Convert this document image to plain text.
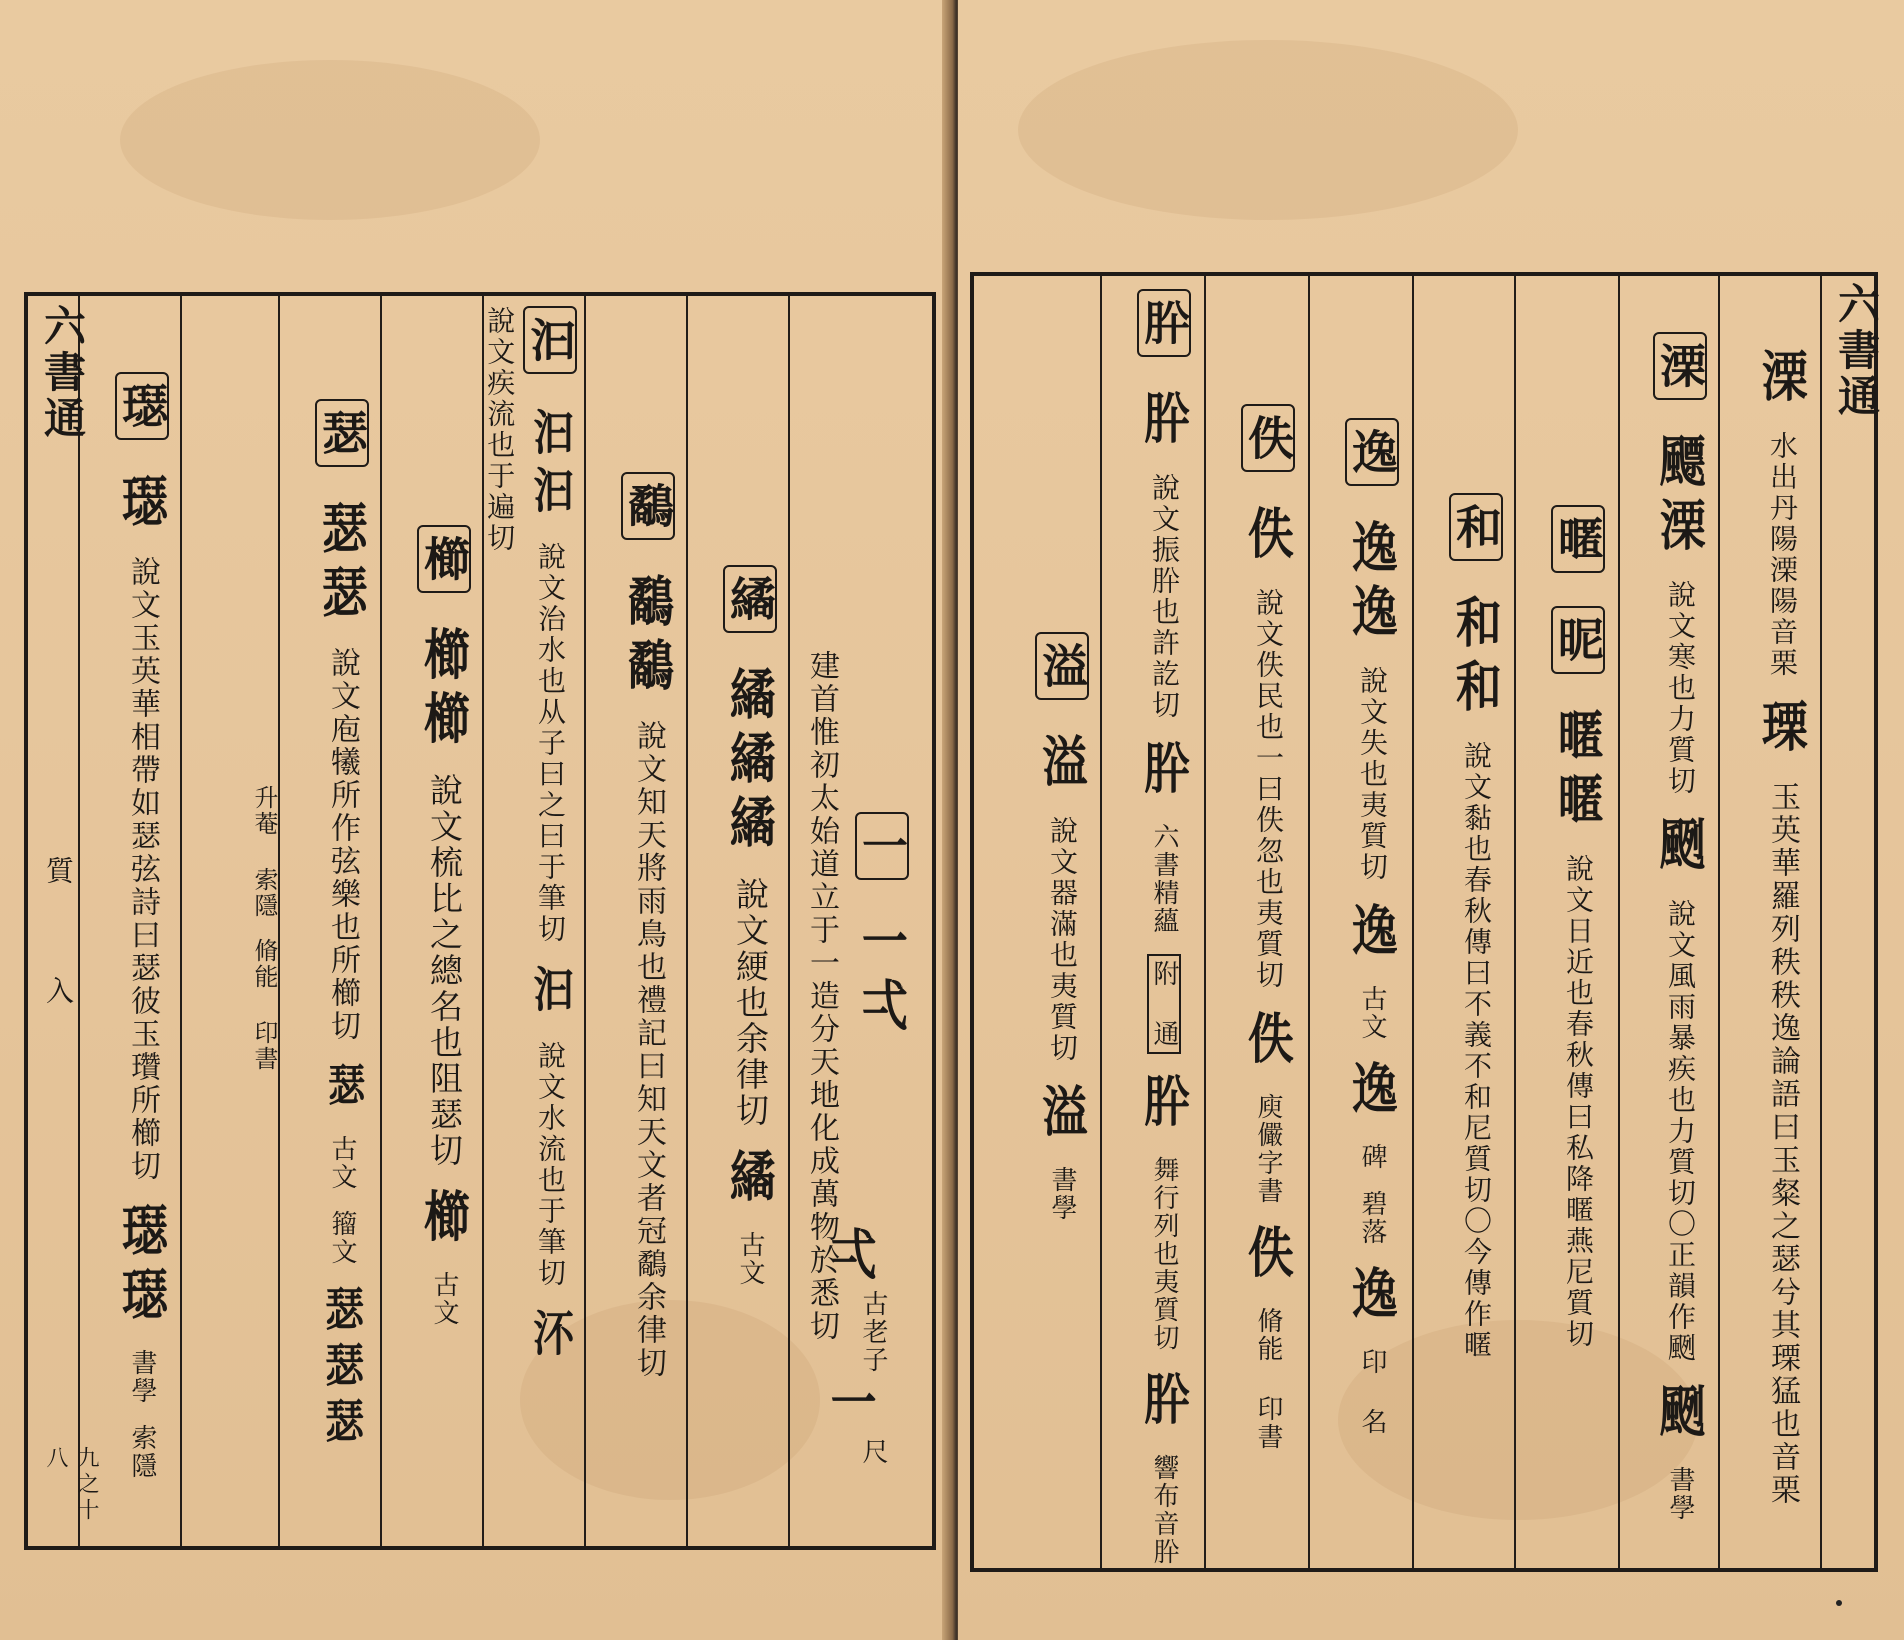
六書通
質
入
九之十八
一 一弌
建首惟初太始道立于一造分天地化成萬物於悉切
弌
古老子
一
尺
繘 繘繘繘 說文綆也余律切 繘 古文
鷸 鷸鷸 說文知天將雨鳥也禮記曰知天文者冠鷸余律切
汩 汩汩 說文治水也从子曰之曰于筆切 汩 說文水流也于筆切 㳅 說文疾流也于遍切
櫛 櫛櫛 說文梳比之總名也阻瑟切 櫛 古文
瑟 瑟瑟 說文庖犧所作弦樂也所櫛切 瑟 古文 籀文 瑟瑟瑟
升菴 索隱 脩能 印書
璱 璱 說文玉英華相帶如瑟弦詩曰瑟彼玉瓚所櫛切 璱璱 書學 索隱
六書通
溧 水出丹陽溧陽音栗 瑮 玉英華羅列秩秩逸論語曰玉粲之瑟兮其瑮猛也音栗
溧 飃溧 說文寒也力質切 颲 說文風雨暴疾也力質切〇正韻作颲 颲 書學
暱 昵 暱暱 說文日近也春秋傳曰私降暱燕尼質切
和 和和 說文黏也春秋傳曰不義不和尼質切〇今傳作暱
逸 逸逸 說文失也夷質切 逸 古文 逸 碑 碧落 逸 印 名
佚 佚 說文佚民也一曰佚忽也夷質切 佚 庾儼字書 佚 脩能 印書
肸 肸 說文振肸也許訖切 肸 六書精蘊 附 通 肸 舞行列也夷質切 肸 響布音肸
溢 溢 說文器滿也夷質切 溢 書學
